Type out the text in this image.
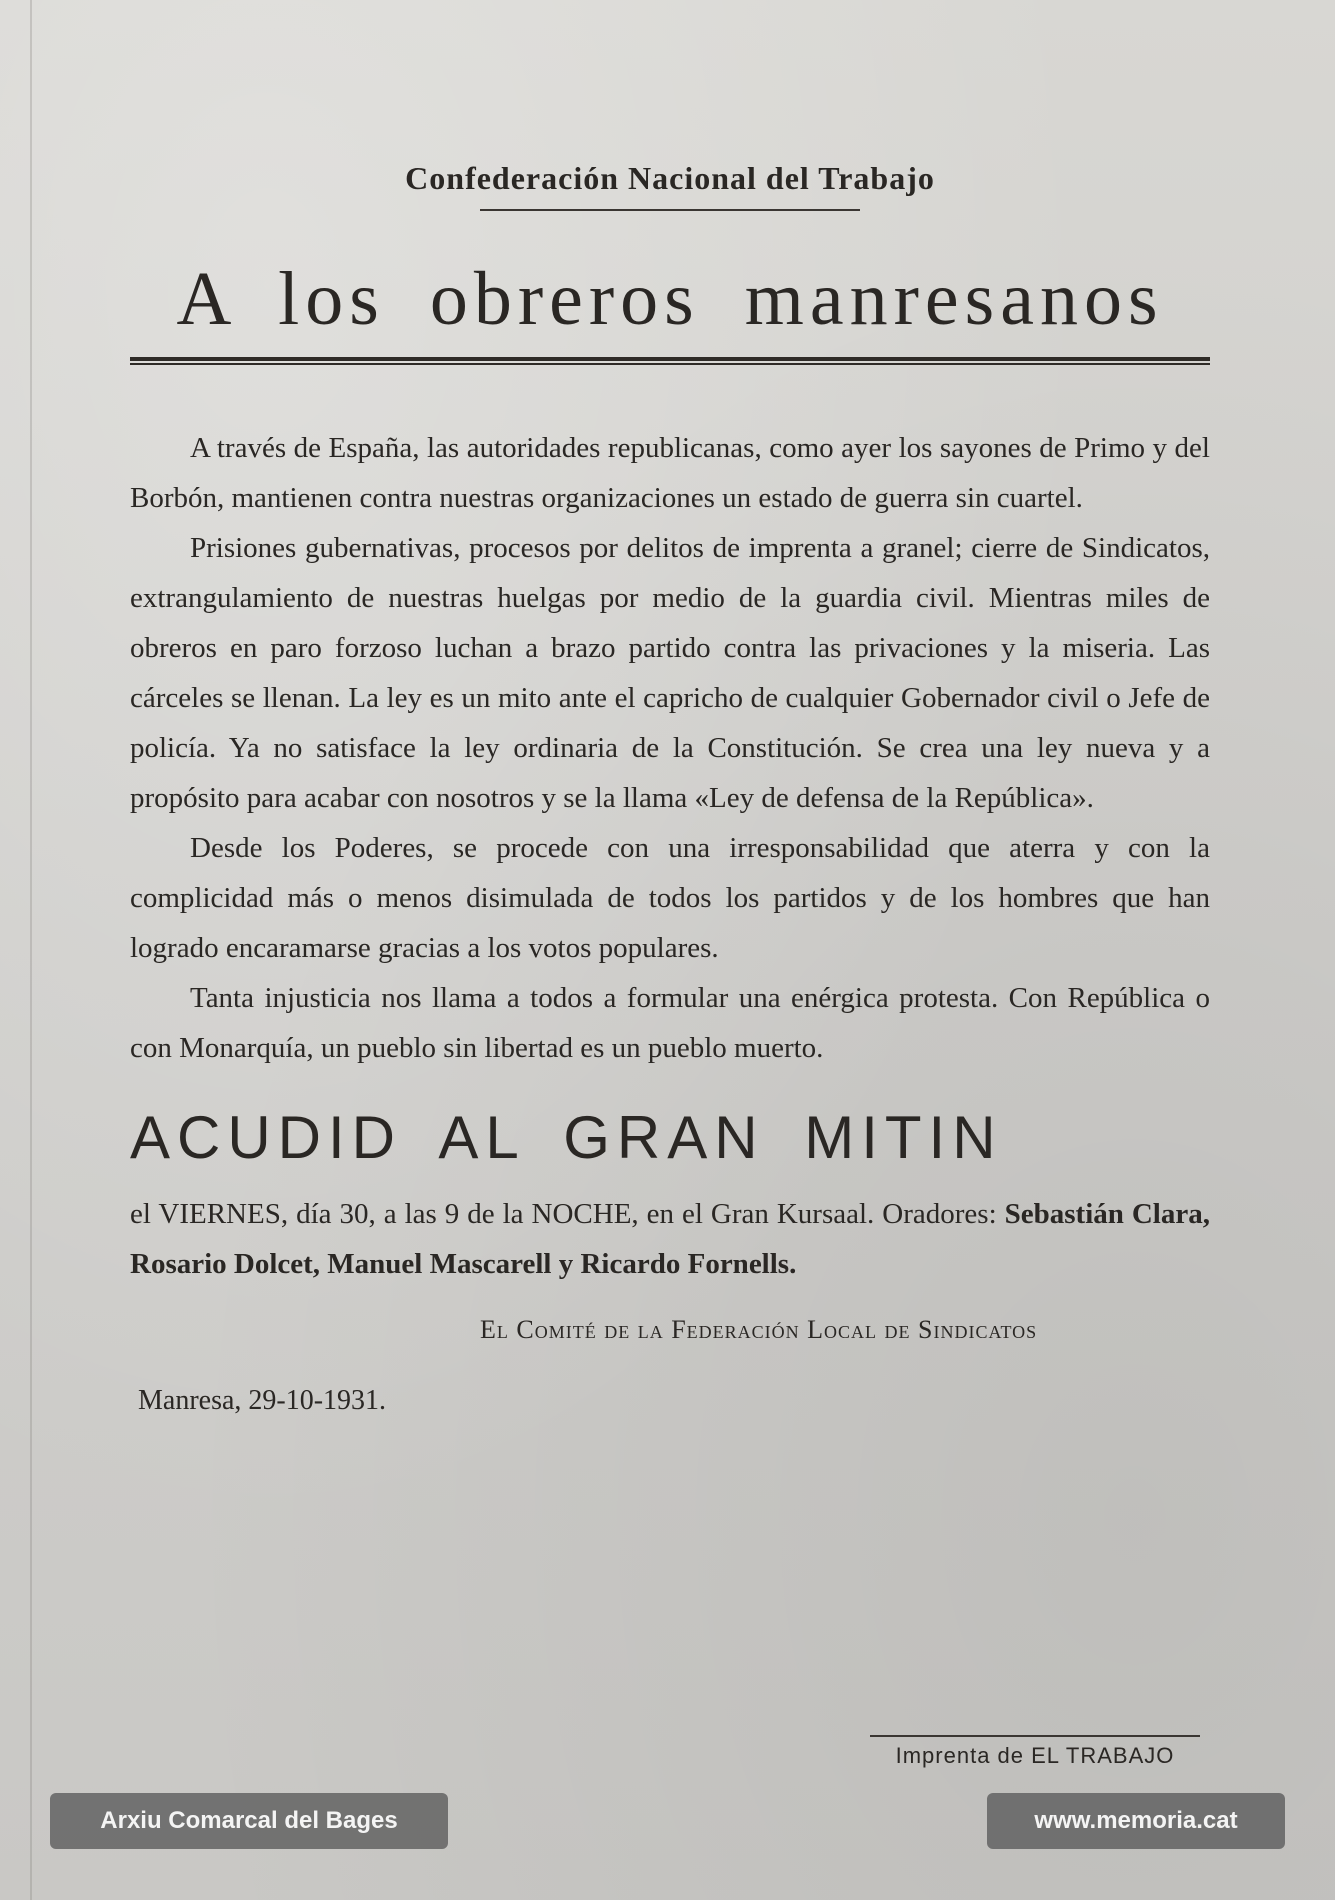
Confederación Nacional del Trabajo
A los obreros manresanos

A través de España, las autoridades republicanas, como ayer los sayones de Primo y del Borbón, mantienen contra nuestras organizaciones un estado de guerra sin cuartel.

Prisiones gubernativas, procesos por delitos de imprenta a granel; cierre de Sindicatos, extrangulamiento de nuestras huelgas por medio de la guardia civil. Mientras miles de obreros en paro forzoso luchan a brazo partido contra las privaciones y la miseria. Las cárceles se llenan. La ley es un mito ante el capricho de cualquier Gobernador civil o Jefe de policía. Ya no satisface la ley ordinaria de la Constitución. Se crea una ley nueva y a propósito para acabar con nosotros y se la llama «Ley de defensa de la República».

Desde los Poderes, se procede con una irresponsabilidad que aterra y con la complicidad más o menos disimulada de todos los partidos y de los hombres que han logrado encaramarse gracias a los votos populares.

Tanta injusticia nos llama a todos a formular una enérgica protesta. Con República o con Monarquía, un pueblo sin libertad es un pueblo muerto.

ACUDID AL GRAN MITIN

el VIERNES, día 30, a las 9 de la NOCHE, en el Gran Kursaal. Oradores: Sebastián Clara, Rosario Dolcet, Manuel Mascarell y Ricardo Fornells.

El Comité de la Federación Local de Sindicatos
Manresa, 29-10-1931.
Imprenta de EL TRABAJO
Arxiu Comarcal del Bages	www.memoria.cat
